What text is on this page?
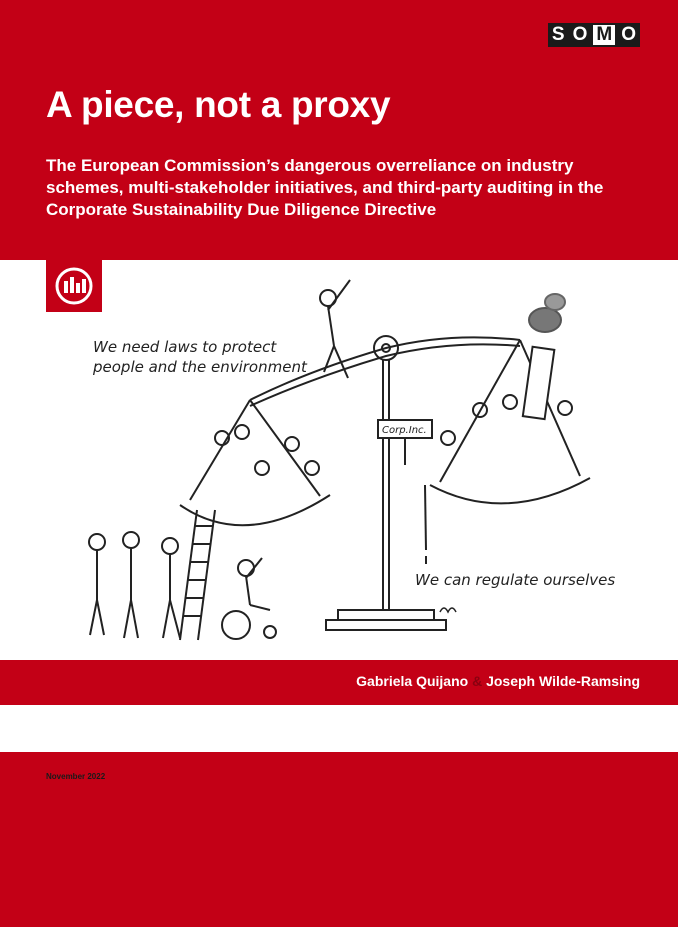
S O M O
A piece, not a proxy

The European Commission’s dangerous overreliance on industry schemes, multi-stakeholder initiatives, and third-party auditing in the Corporate Sustainability Due Diligence Directive

We need laws to protect
people and the environment
Corp.Inc.
We can regulate ourselves
Gabriela Quijano & Joseph Wilde-Ramsing
November 2022
